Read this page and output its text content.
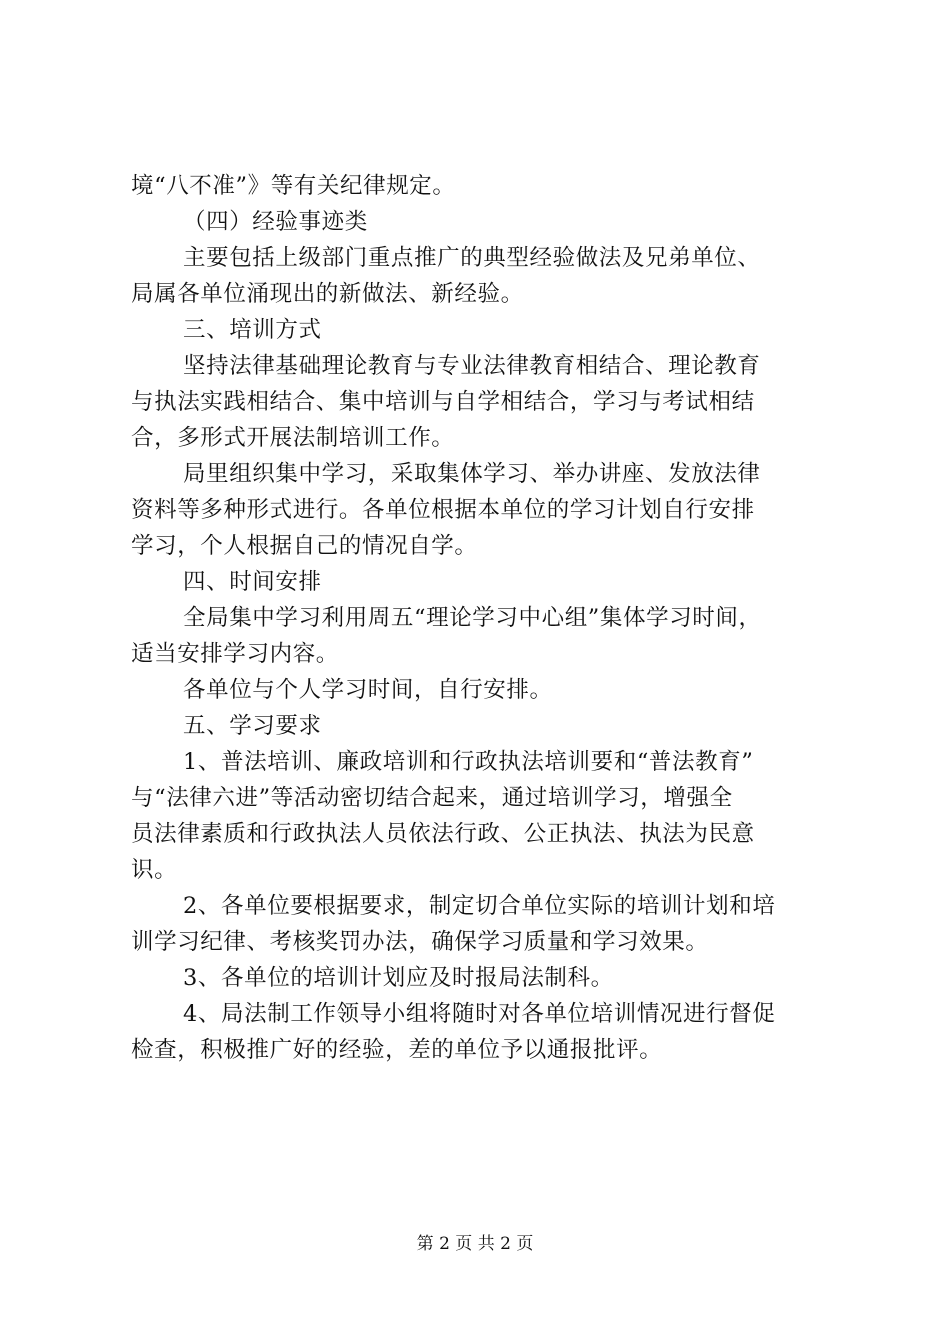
境“八不准”》等有关纪律规定。
（四）经验事迹类
主要包括上级部门重点推广的典型经验做法及兄弟单位、
局属各单位涌现出的新做法、新经验。
三、培训方式
坚持法律基础理论教育与专业法律教育相结合、理论教育
与执法实践相结合、集中培训与自学相结合，学习与考试相结
合，多形式开展法制培训工作。
局里组织集中学习，采取集体学习、举办讲座、发放法律
资料等多种形式进行。各单位根据本单位的学习计划自行安排
学习，个人根据自己的情况自学。
四、时间安排
全局集中学习利用周五“理论学习中心组”集体学习时间，
适当安排学习内容。
各单位与个人学习时间，自行安排。
五、学习要求
1、普法培训、廉政培训和行政执法培训要和“普法教育”
与“法律六进”等活动密切结合起来，通过培训学习，增强全
员法律素质和行政执法人员依法行政、公正执法、执法为民意
识。
2、各单位要根据要求，制定切合单位实际的培训计划和培
训学习纪律、考核奖罚办法，确保学习质量和学习效果。
3、各单位的培训计划应及时报局法制科。
4、局法制工作领导小组将随时对各单位培训情况进行督促
检查，积极推广好的经验，差的单位予以通报批评。
第 2 页 共 2 页
